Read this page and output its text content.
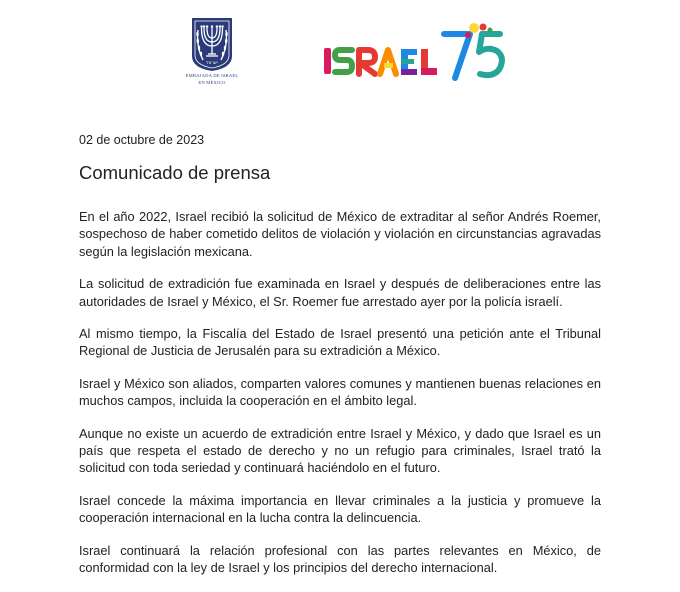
ישראל
EMBAJADA DE ISRAEL
EN MÉXICO
02 de octubre de 2023
Comunicado de prensa

En el año 2022, Israel recibió la solicitud de México de extraditar al señor Andrés Roemer, sospechoso de haber cometido delitos de violación y violación en circunstancias agravadas según la legislación mexicana.

La solicitud de extradición fue examinada en Israel y después de deliberaciones entre las autoridades de Israel y México, el Sr. Roemer fue arrestado ayer por la policía israelí.

Al mismo tiempo, la Fiscalía del Estado de Israel presentó una petición ante el Tribunal Regional de Justicia de Jerusalén para su extradición a México.

Israel y México son aliados, comparten valores comunes y mantienen buenas relaciones en muchos campos, incluida la cooperación en el ámbito legal.

Aunque no existe un acuerdo de extradición entre Israel y México, y dado que Israel es un país que respeta el estado de derecho y no un refugio para criminales, Israel trató la solicitud con toda seriedad y continuará haciéndolo en el futuro.

Israel concede la máxima importancia en llevar criminales a la justicia y promueve la cooperación internacional en la lucha contra la delincuencia.

Israel continuará la relación profesional con las partes relevantes en México, de conformidad con la ley de Israel y los principios del derecho internacional.
